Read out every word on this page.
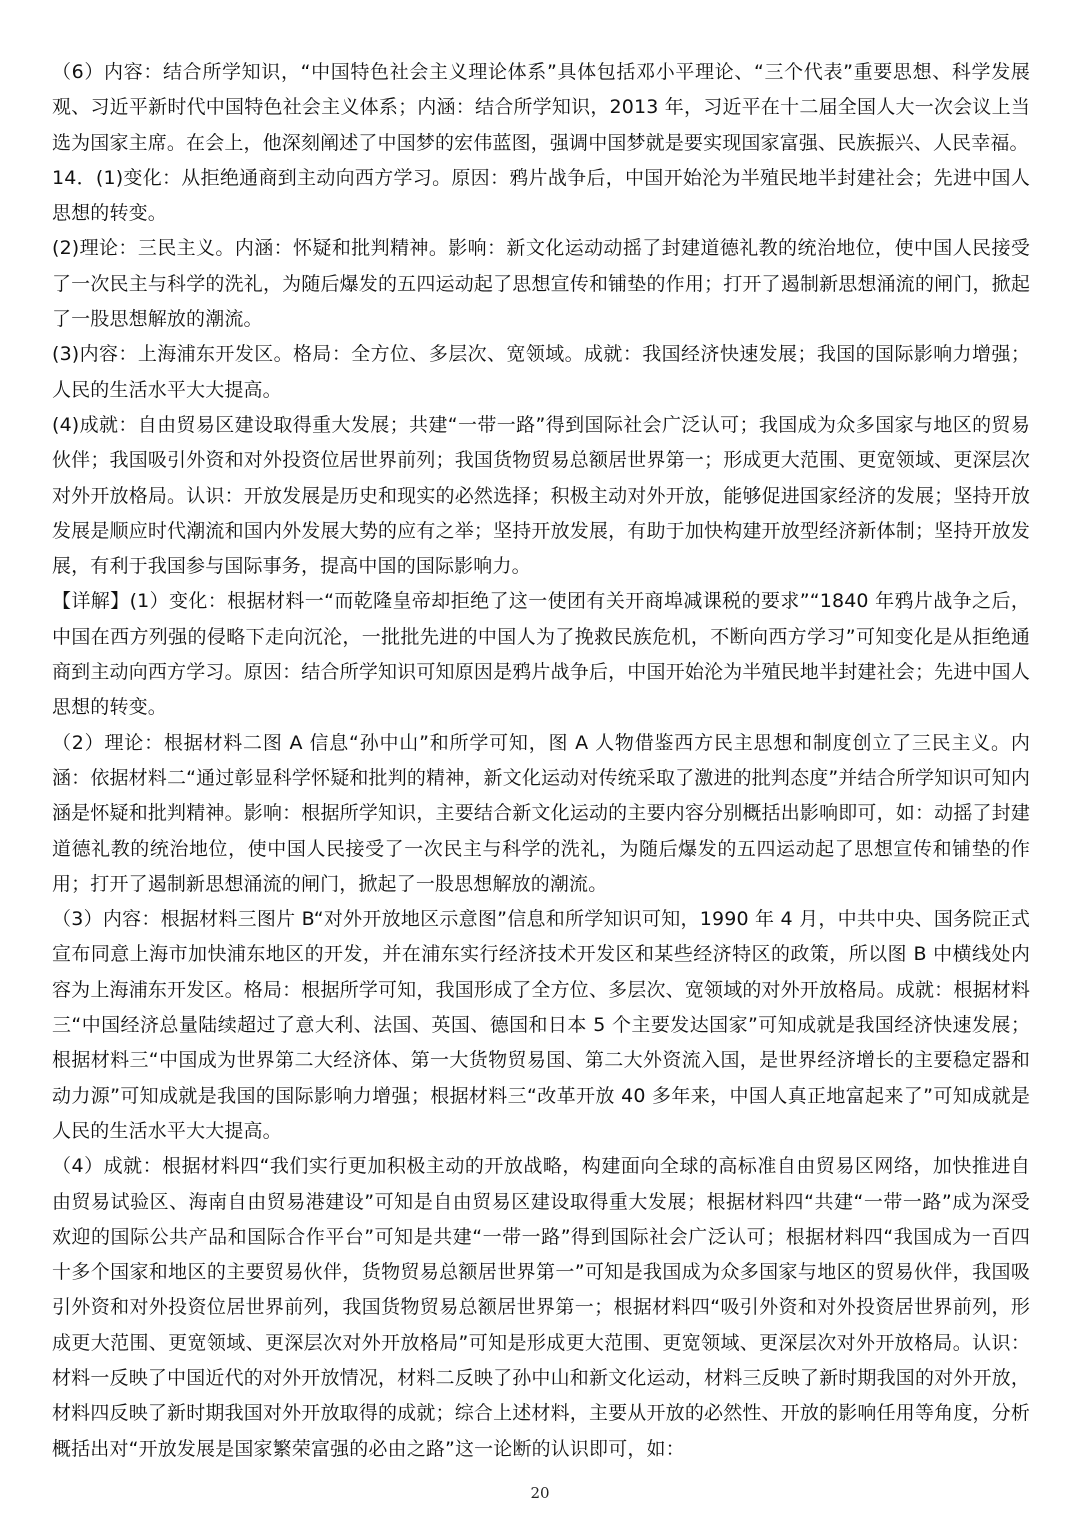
（6）内容：结合所学知识，“中国特色社会主义理论体系”具体包括邓小平理论、“三个代表”重要思想、科学发展观、习近平新时代中国特色社会主义体系；内涵：结合所学知识，2013 年，习近平在十二届全国人大一次会议上当选为国家主席。在会上，他深刻阐述了中国梦的宏伟蓝图，强调中国梦就是要实现国家富强、民族振兴、人民幸福。

14．(1)变化：从拒绝通商到主动向西方学习。原因：鸦片战争后，中国开始沦为半殖民地半封建社会；先进中国人思想的转变。

(2)理论：三民主义。内涵：怀疑和批判精神。影响：新文化运动动摇了封建道德礼教的统治地位，使中国人民接受了一次民主与科学的洗礼，为随后爆发的五四运动起了思想宣传和铺垫的作用；打开了遏制新思想涌流的闸门，掀起了一股思想解放的潮流。

(3)内容：上海浦东开发区。格局：全方位、多层次、宽领域。成就：我国经济快速发展；我国的国际影响力增强；人民的生活水平大大提高。

(4)成就：自由贸易区建设取得重大发展；共建“一带一路”得到国际社会广泛认可；我国成为众多国家与地区的贸易伙伴；我国吸引外资和对外投资位居世界前列；我国货物贸易总额居世界第一；形成更大范围、更宽领域、更深层次对外开放格局。认识：开放发展是历史和现实的必然选择；积极主动对外开放，能够促进国家经济的发展；坚持开放发展是顺应时代潮流和国内外发展大势的应有之举；坚持开放发展，有助于加快构建开放型经济新体制；坚持开放发展，有利于我国参与国际事务，提高中国的国际影响力。

【详解】(1）变化：根据材料一“而乾隆皇帝却拒绝了这一使团有关开商埠减课税的要求”“1840 年鸦片战争之后，中国在西方列强的侵略下走向沉沦，一批批先进的中国人为了挽救民族危机，不断向西方学习”可知变化是从拒绝通商到主动向西方学习。原因：结合所学知识可知原因是鸦片战争后，中国开始沦为半殖民地半封建社会；先进中国人思想的转变。

（2）理论：根据材料二图 A 信息“孙中山”和所学可知，图 A 人物借鉴西方民主思想和制度创立了三民主义。内涵：依据材料二“通过彰显科学怀疑和批判的精神，新文化运动对传统采取了激进的批判态度”并结合所学知识可知内涵是怀疑和批判精神。影响：根据所学知识，主要结合新文化运动的主要内容分别概括出影响即可，如：动摇了封建道德礼教的统治地位，使中国人民接受了一次民主与科学的洗礼，为随后爆发的五四运动起了思想宣传和铺垫的作用；打开了遏制新思想涌流的闸门，掀起了一股思想解放的潮流。

（3）内容：根据材料三图片 B“对外开放地区示意图”信息和所学知识可知，1990 年 4 月，中共中央、国务院正式宣布同意上海市加快浦东地区的开发，并在浦东实行经济技术开发区和某些经济特区的政策，所以图 B 中横线处内容为上海浦东开发区。格局：根据所学可知，我国形成了全方位、多层次、宽领域的对外开放格局。成就：根据材料三“中国经济总量陆续超过了意大利、法国、英国、德国和日本 5 个主要发达国家”可知成就是我国经济快速发展；根据材料三“中国成为世界第二大经济体、第一大货物贸易国、第二大外资流入国，是世界经济增长的主要稳定器和动力源”可知成就是我国的国际影响力增强；根据材料三“改革开放 40 多年来，中国人真正地富起来了”可知成就是人民的生活水平大大提高。

（4）成就：根据材料四“我们实行更加积极主动的开放战略，构建面向全球的高标准自由贸易区网络，加快推进自由贸易试验区、海南自由贸易港建设”可知是自由贸易区建设取得重大发展；根据材料四“共建“一带一路”成为深受欢迎的国际公共产品和国际合作平台”可知是共建“一带一路”得到国际社会广泛认可；根据材料四“我国成为一百四十多个国家和地区的主要贸易伙伴，货物贸易总额居世界第一”可知是我国成为众多国家与地区的贸易伙伴，我国吸引外资和对外投资位居世界前列，我国货物贸易总额居世界第一；根据材料四“吸引外资和对外投资居世界前列，形成更大范围、更宽领域、更深层次对外开放格局”可知是形成更大范围、更宽领域、更深层次对外开放格局。认识：材料一反映了中国近代的对外开放情况，材料二反映了孙中山和新文化运动，材料三反映了新时期我国的对外开放，材料四反映了新时期我国对外开放取得的成就；综合上述材料，主要从开放的必然性、开放的影响任用等角度，分析概括出对“开放发展是国家繁荣富强的必由之路”这一论断的认识即可，如：

20
